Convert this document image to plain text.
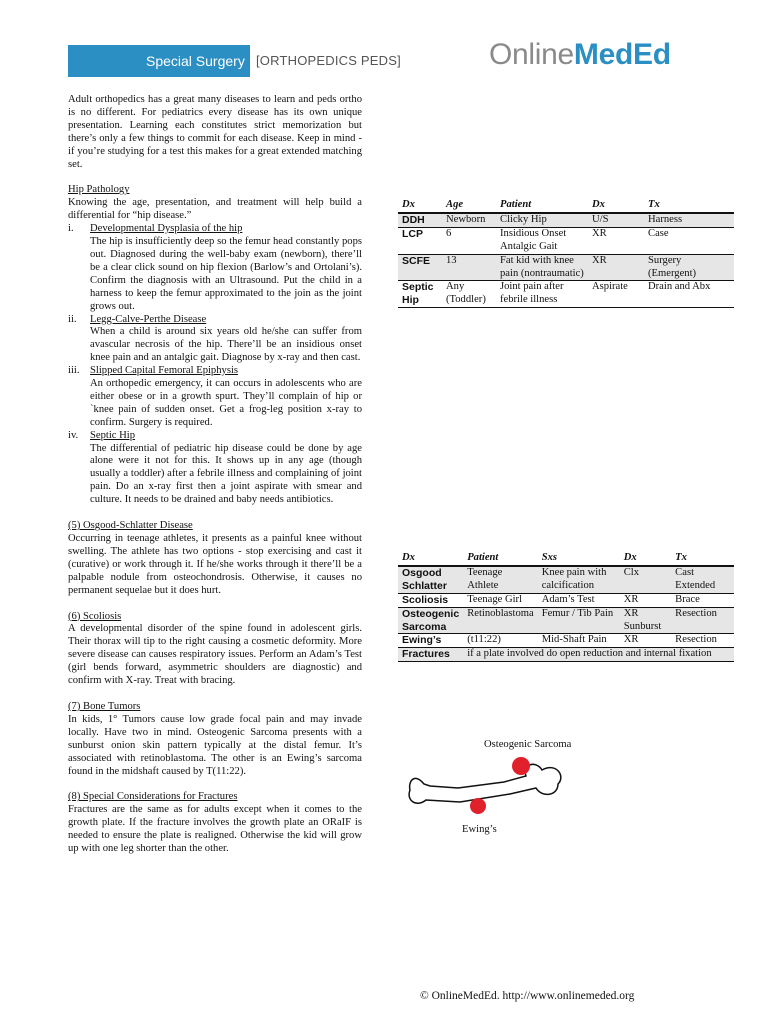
Special Surgery [ORTHOPEDICS PEDS]	OnlineMedEd

Adult orthopedics has a great many diseases to learn and peds ortho is no different. For pediatrics every disease has its own unique presentation. Learning each constitutes strict memorization but there’s only a few things to commit for each disease. Keep in mind - if you’re studying for a test this makes for a great extended matching set.

Hip Pathology

Knowing the age, presentation, and treatment will help build a differential for “hip disease.”

i.	Developmental Dysplasia of the hip
The hip is insufficiently deep so the femur head constantly pops out. Diagnosed during the well-baby exam (newborn), there’ll be a clear click sound on hip flexion (Barlow’s and Ortolani’s). Confirm the diagnosis with an Ultrasound. Put the child in a harness to keep the femur approximated to the join as the joint grows out.
ii.	Legg-Calve-Perthe Disease
When a child is around six years old he/she can suffer from avascular necrosis of the hip. There’ll be an insidious onset knee pain and an antalgic gait. Diagnose by x-ray and then cast.
iii. Slipped Capital Femoral Epiphysis
An orthopedic emergency, it can occurs in adolescents who are either obese or in a growth spurt. They’ll complain of hip or `knee pain of sudden onset. Get a frog-leg position x-ray to confirm. Surgery is required.
iv.	Septic Hip
The differential of pediatric hip disease could be done by age alone were it not for this. It shows up in any age (though usually a toddler) after a febrile illness and complaining of joint pain. Do an x-ray first then a joint aspirate with smear and culture. It needs to be drained and baby needs antibiotics.

(5) Osgood-Schlatter Disease

Occurring in teenage athletes, it presents as a painful knee without swelling. The athlete has two options - stop exercising and cast it (curative) or work through it. If he/she works through it there’ll be a palpable nodule from osteochondrosis. Otherwise, it causes no permanent sequelae but it does hurt.

(6) Scoliosis

A developmental disorder of the spine found in adolescent girls. Their thorax will tip to the right causing a cosmetic deformity. More severe disease can causes respiratory issues. Perform an Adam’s Test (girl bends forward, asymmetric shoulders are diagnostic) and confirm with X-ray. Treat with bracing.

(7) Bone Tumors

In kids, 1° Tumors cause low grade focal pain and may invade locally. Have two in mind. Osteogenic Sarcoma presents with a sunburst onion skin pattern typically at the distal femur. It’s associated with retinoblastoma. The other is an Ewing’s sarcoma found in the midshaft caused by T(11:22).

(8) Special Considerations for Fractures

Fractures are the same as for adults except when it comes to the growth plate. If the fracture involves the growth plate an ORaIF is needed to ensure the plate is realigned. Otherwise the kid will grow up with one leg shorter than the other.

Dx	Age	Patient	Dx	Tx
DDH	Newborn	Clicky Hip	U/S	Harness
LCP	6	Insidious Onset Antalgic Gait	XR	Case
SCFE	13	Fat kid with knee pain (nontraumatic)	XR	Surgery (Emergent)
Septic Hip	Any (Toddler)	Joint pain after febrile illness	Aspirate	Drain and Abx
Dx	Patient	Sxs	Dx	Tx
Osgood Schlatter	Teenage Athlete	Knee pain with calcification	Clx	Cast Extended
Scoliosis	Teenage Girl	Adam’s Test	XR	Brace
Osteogenic Sarcoma	Retinoblastoma	Femur / Tib Pain	XR Sunburst	Resection
Ewing’s	(t11:22)	Mid-Shaft Pain	XR	Resection
Fractures	if a plate involved do open reduction and internal fixation			
Osteogenic Sarcoma
Ewing’s
© OnlineMedEd. http://www.onlinemeded.org
